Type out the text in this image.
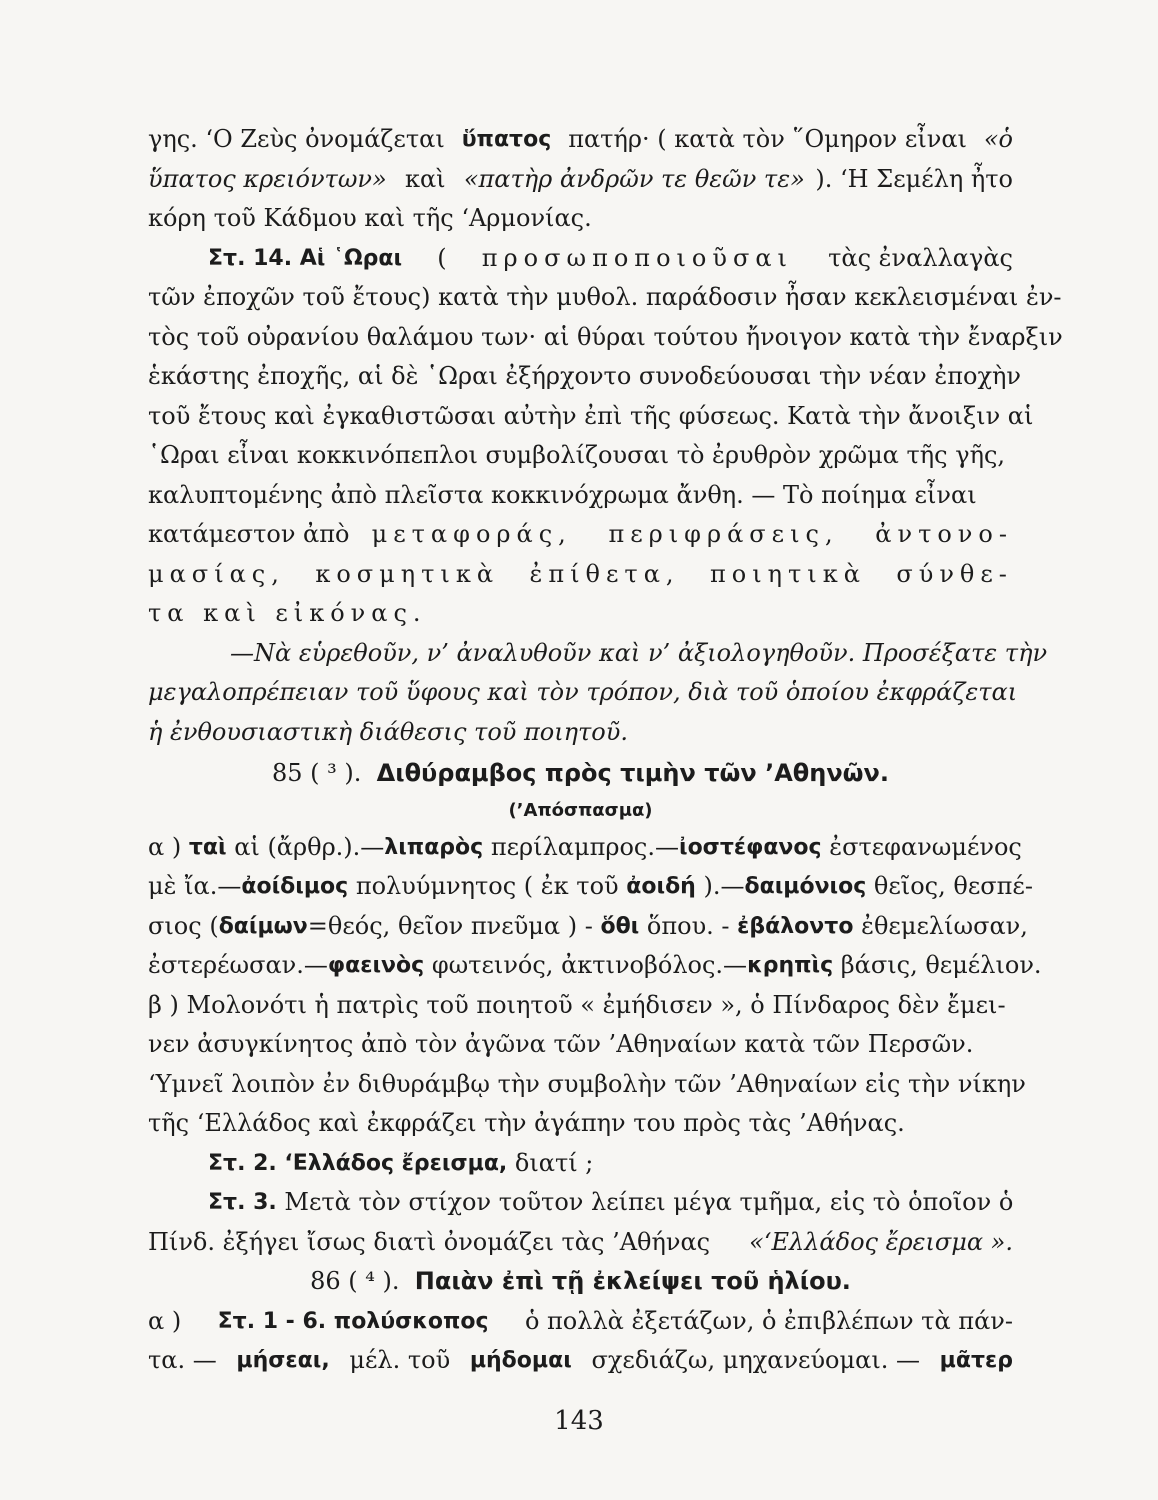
γης. ‘Ο Ζεὺς ὀνομάζεται ὕπατος πατήρ· ( κατὰ τὸν ῞Ομηρον εἶναι «ὁ
ὕπατος κρειόντων» καὶ «πατὴρ ἀνδρῶν τε θεῶν τε» ). ‘Η Σεμέλη ἦτο
κόρη τοῦ Κάδμου καὶ τῆς ‘Αρμονίας.
Στ. 14. Αἱ ῾Ωραι ( προσωποποιοῦσαι τὰς ἐναλλαγὰς
τῶν ἐποχῶν τοῦ ἔτους) κατὰ τὴν μυθολ. παράδοσιν ἦσαν κεκλεισμέναι ἐν-
τὸς τοῦ οὐρανίου θαλάμου των· αἱ θύραι τούτου ἤνοιγον κατὰ τὴν ἔναρξιν
ἑκάστης ἐποχῆς, αἱ δὲ ῾Ωραι ἐξήρχοντο συνοδεύουσαι τὴν νέαν ἐποχὴν
τοῦ ἔτους καὶ ἐγκαθιστῶσαι αὐτὴν ἐπὶ τῆς φύσεως. Κατὰ τὴν ἄνοιξιν αἱ
῾Ωραι εἶναι κοκκινόπεπλοι συμβολίζουσαι τὸ ἐρυθρὸν χρῶμα τῆς γῆς,
καλυπτομένης ἀπὸ πλεῖστα κοκκινόχρωμα ἄνθη. — Τὸ ποίημα εἶναι
κατάμεστον ἀπὸ μεταφοράς,
περιφράσεις,
ἀντονο-
μασίας,
κοσμητικὰ
ἐπίθετα,
ποιητικὰ
σύνθε-
τα καὶ εἰκόνας.
—Νὰ εὑρεθοῦν, ν’ ἀναλυθοῦν καὶ ν’ ἀξιολογηθοῦν. Προσέξατε τὴν
μεγαλοπρέπειαν τοῦ ὕφους καὶ τὸν τρόπον, διὰ τοῦ ὁποίου ἐκφράζεται
ἡ ἐνθουσιαστικὴ διάθεσις τοῦ ποιητοῦ.
85 ( ³ ).
Διθύραμβος πρὸς τιμὴν τῶν ’Αθηνῶν.
(’Απόσπασμα)
α ) ταὶ αἱ (ἄρθρ.).— λιπαρὸς περίλαμπρος.— ἰοστέφανος ἐστεφανωμένος
μὲ ἴα.— ἀοίδιμος πολυύμνητος ( ἐκ τοῦ ἀοιδή ).— δαιμόνιος θεῖος, θεσπέ-
σιος ( δαίμων =θεός, θεῖον πνεῦμα ) - ὅθι ὅπου. - ἐβάλοντο ἐθεμελίωσαν,
ἐστερέωσαν.— φαεινὸς φωτεινός, ἀκτινοβόλος.— κρηπὶς βάσις, θεμέλιον.
β ) Μολονότι ἡ πατρὶς τοῦ ποιητοῦ « ἐμήδισεν », ὁ Πίνδαρος δὲν ἔμει-
νεν ἀσυγκίνητος ἀπὸ τὸν ἀγῶνα τῶν ’Αθηναίων κατὰ τῶν Περσῶν.
‘Υμνεῖ λοιπὸν ἐν διθυράμβῳ τὴν συμβολὴν τῶν ’Αθηναίων εἰς τὴν νίκην
τῆς ‘Ελλάδος καὶ ἐκφράζει τὴν ἀγάπην του πρὸς τὰς ’Αθήνας.
Στ. 2. ‘Ελλάδος ἔρεισμα, διατί ;
Στ. 3. Μετὰ τὸν στίχον τοῦτον λείπει μέγα τμῆμα, εἰς τὸ ὁποῖον ὁ
Πίνδ. ἐξήγει ἴσως διατὶ ὀνομάζει τὰς ’Αθήνας «‘Ελλάδος ἔρεισμα ».
86 ( ⁴ ).
Παιὰν ἐπὶ τῇ ἐκλείψει τοῦ ἡλίου.
α ) Στ. 1 - 6. πολύσκοπος ὁ πολλὰ ἐξετάζων, ὁ ἐπιβλέπων τὰ πάν-
τα. — μήσεαι, μέλ. τοῦ μήδομαι σχεδιάζω, μηχανεύομαι. — μᾶτερ
143
